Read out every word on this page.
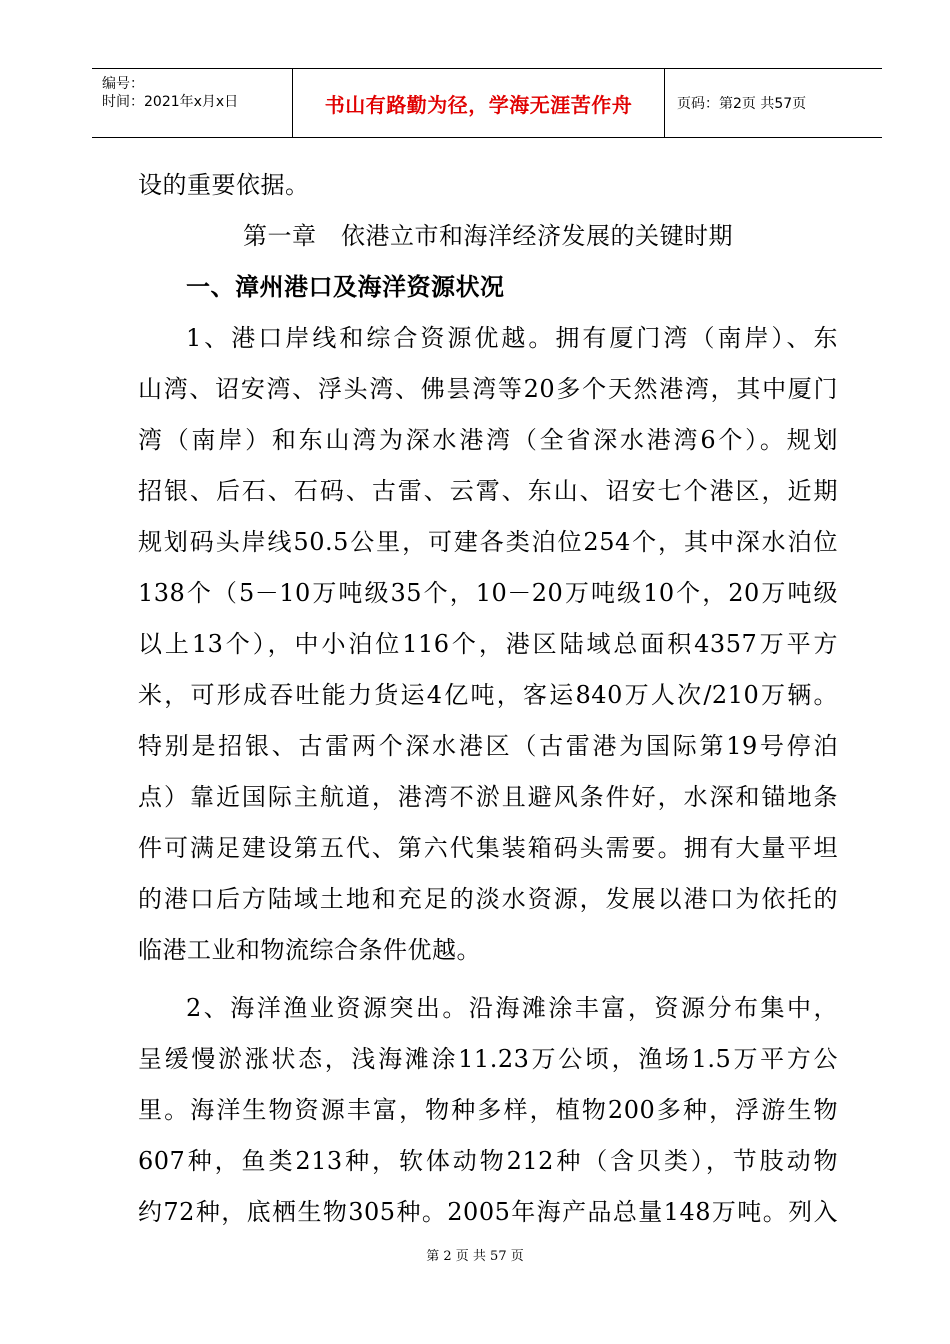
编号：
时间：2021年x月x日	书山有路勤为径，学海无涯苦作舟	页码：第2页 共57页
设的重要依据。
第一章　依港立市和海洋经济发展的关键时期
一、漳州港口及海洋资源状况
1、港口岸线和综合资源优越。拥有厦门湾（南岸）、东
山湾、诏安湾、浮头湾、佛昙湾等20多个天然港湾，其中厦门
湾（南岸）和东山湾为深水港湾（全省深水港湾6个）。规划
招银、后石、石码、古雷、云霄、东山、诏安七个港区，近期
规划码头岸线50.5公里，可建各类泊位254个，其中深水泊位
138个（5－10万吨级35个，10－20万吨级10个，20万吨级
以上13个），中小泊位116个，港区陆域总面积4357万平方
米，可形成吞吐能力货运4亿吨，客运840万人次/210万辆。
特别是招银、古雷两个深水港区（古雷港为国际第19号停泊
点）靠近国际主航道，港湾不淤且避风条件好，水深和锚地条
件可满足建设第五代、第六代集装箱码头需要。拥有大量平坦
的港口后方陆域土地和充足的淡水资源，发展以港口为依托的
临港工业和物流综合条件优越。
2、海洋渔业资源突出。沿海滩涂丰富，资源分布集中，
呈缓慢淤涨状态，浅海滩涂11.23万公顷，渔场1.5万平方公
里。海洋生物资源丰富，物种多样，植物200多种，浮游生物
607种，鱼类213种，软体动物212种（含贝类），节肢动物
约72种，底栖生物305种。2005年海产品总量148万吨。列入
第 2 页 共 57 页
